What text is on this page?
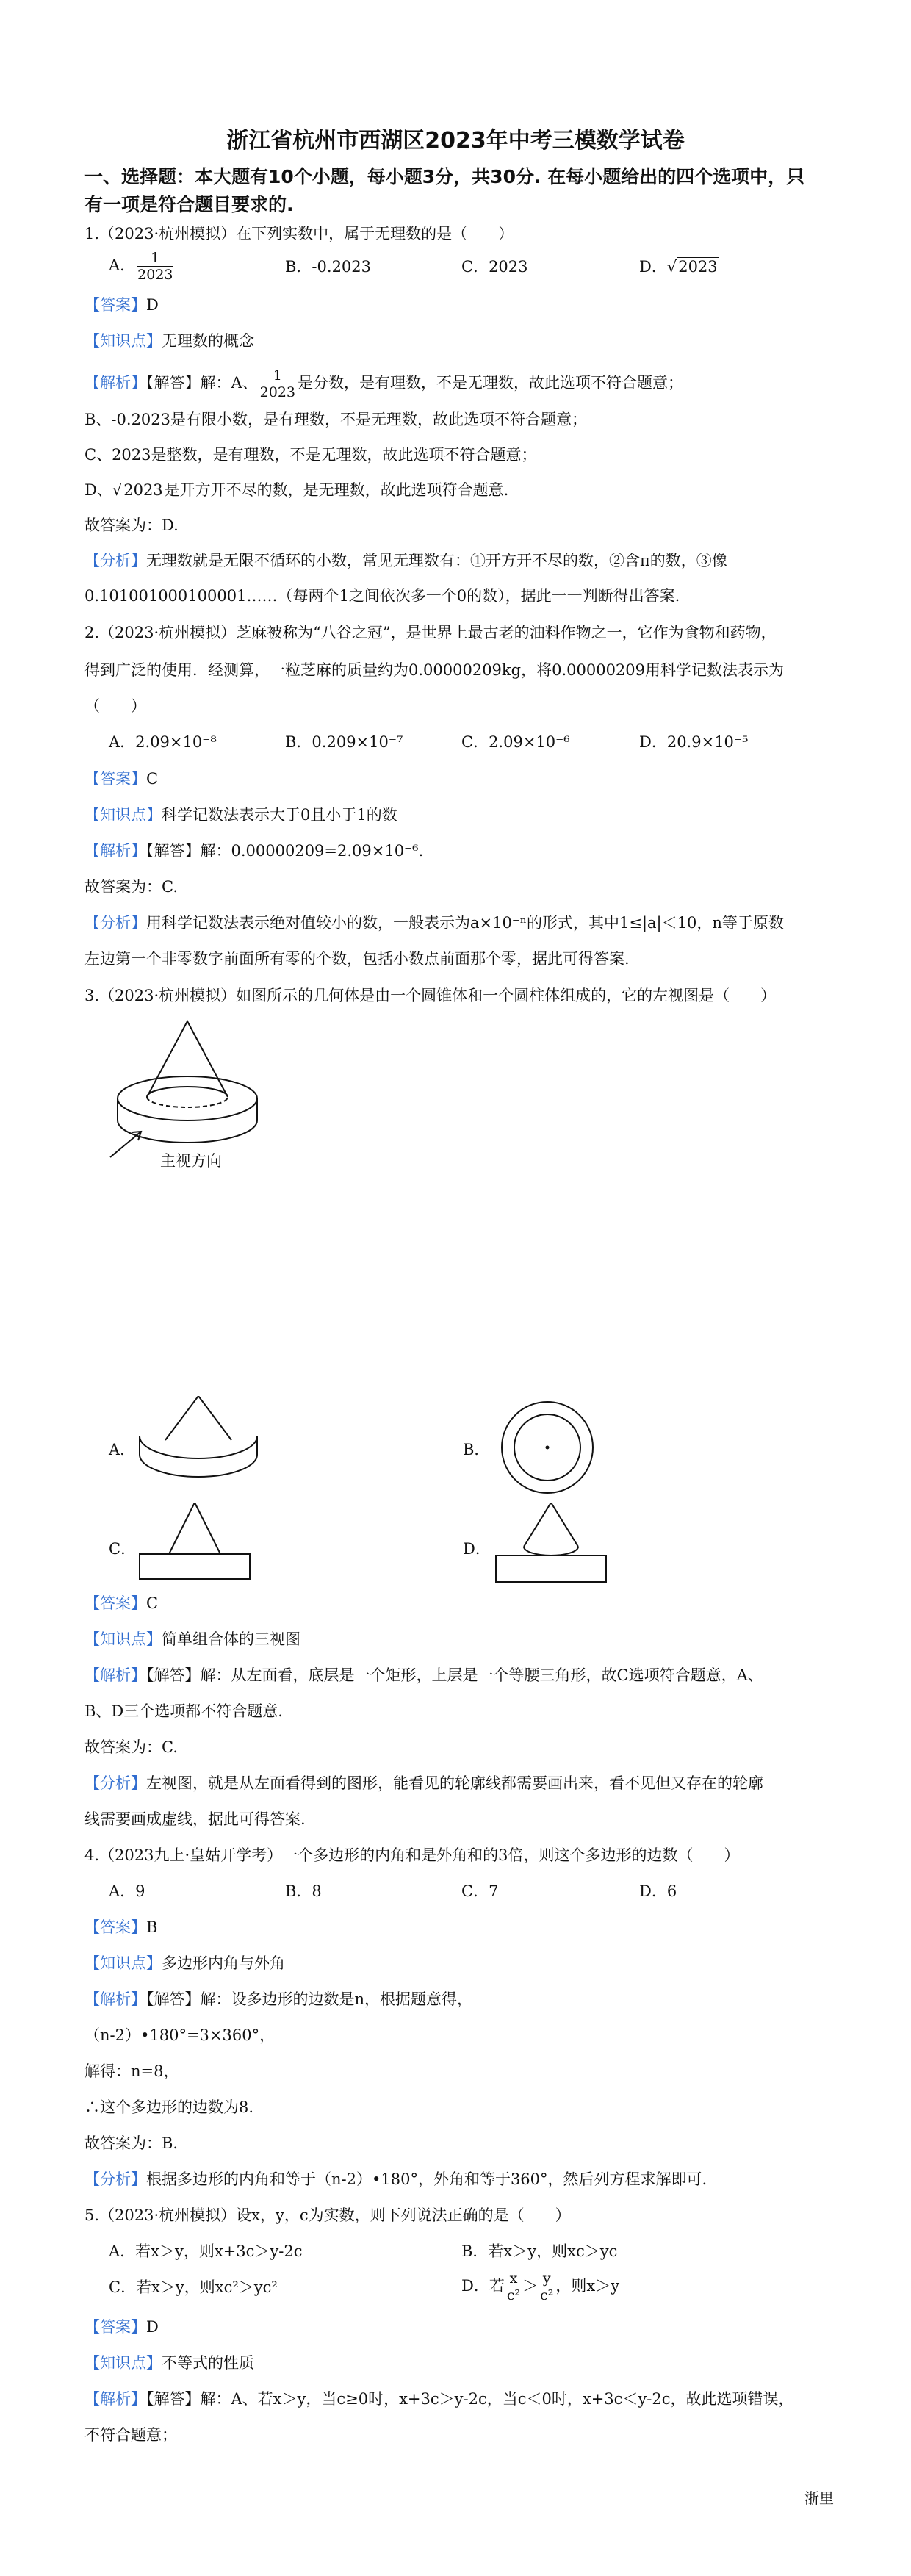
浙江省杭州市西湖区2023年中考三模数学试卷
一、选择题：本大题有10个小题，每小题3分，共30分. 在每小题给出的四个选项中，只
有一项是符合题目要求的.
1.（2023·杭州模拟）在下列实数中，属于无理数的是（　　）
A． $\frac{1}{2023}$	B．-0.2023	C．2023	D．√2023
【答案】D
【知识点】无理数的概念
【解析】【解答】解：A、 $\frac{1}{2023}$ 是分数，是有理数，不是无理数，故此选项不符合题意；
B、-0.2023是有限小数，是有理数，不是无理数，故此选项不符合题意；
C、2023是整数，是有理数，不是无理数，故此选项不符合题意；
D、√2023是开方开不尽的数，是无理数，故此选项符合题意.
故答案为：D.
【分析】无理数就是无限不循环的小数，常见无理数有：①开方开不尽的数，②含π的数，③像
0.101001000100001……（每两个1之间依次多一个0的数），据此一一判断得出答案.
2.（2023·杭州模拟）芝麻被称为“八谷之冠”，是世界上最古老的油料作物之一，它作为食物和药物，
得到广泛的使用．经测算，一粒芝麻的质量约为0.00000209kg，将0.00000209用科学记数法表示为
（　　）
A．2.09×10⁻⁸	B．0.209×10⁻⁷	C．2.09×10⁻⁶	D．20.9×10⁻⁵
【答案】C
【知识点】科学记数法表示大于0且小于1的数
【解析】【解答】解：0.00000209=2.09×10⁻⁶.
故答案为：C.
【分析】用科学记数法表示绝对值较小的数，一般表示为a×10⁻ⁿ的形式，其中1≤|a|＜10，n等于原数
左边第一个非零数字前面所有零的个数，包括小数点前面那个零，据此可得答案.
3.（2023·杭州模拟）如图所示的几何体是由一个圆锥体和一个圆柱体组成的，它的左视图是（　　）
主视方向
A．	B．
C．	D．
【答案】C
【知识点】简单组合体的三视图
【解析】【解答】解：从左面看，底层是一个矩形，上层是一个等腰三角形，故C选项符合题意，A、
B、D三个选项都不符合题意.
故答案为：C.
【分析】左视图，就是从左面看得到的图形，能看见的轮廓线都需要画出来，看不见但又存在的轮廓
线需要画成虚线，据此可得答案.
4.（2023九上·皇姑开学考）一个多边形的内角和是外角和的3倍，则这个多边形的边数（　　）
A．9	B．8	C．7	D．6
【答案】B
【知识点】多边形内角与外角
【解析】【解答】解：设多边形的边数是n，根据题意得，
（n-2）•180°=3×360°，
解得：n=8，
∴这个多边形的边数为8.
故答案为：B.
【分析】根据多边形的内角和等于（n-2）•180°，外角和等于360°，然后列方程求解即可.
5.（2023·杭州模拟）设x，y，c为实数，则下列说法正确的是（　　）
A．若x＞y，则x+3c＞y-2c	B．若x＞y，则xc＞yc
C．若x＞y，则xc²＞yc²	D．若 $\frac{x}{\text{c²}} > \frac{y}{\text{c²}}$ ，则x＞y
【答案】D
【知识点】不等式的性质
【解析】【解答】解：A、若x＞y，当c≥0时，x+3c＞y-2c，当c＜0时，x+3c＜y-2c，故此选项错误，
不符合题意；
浙里
